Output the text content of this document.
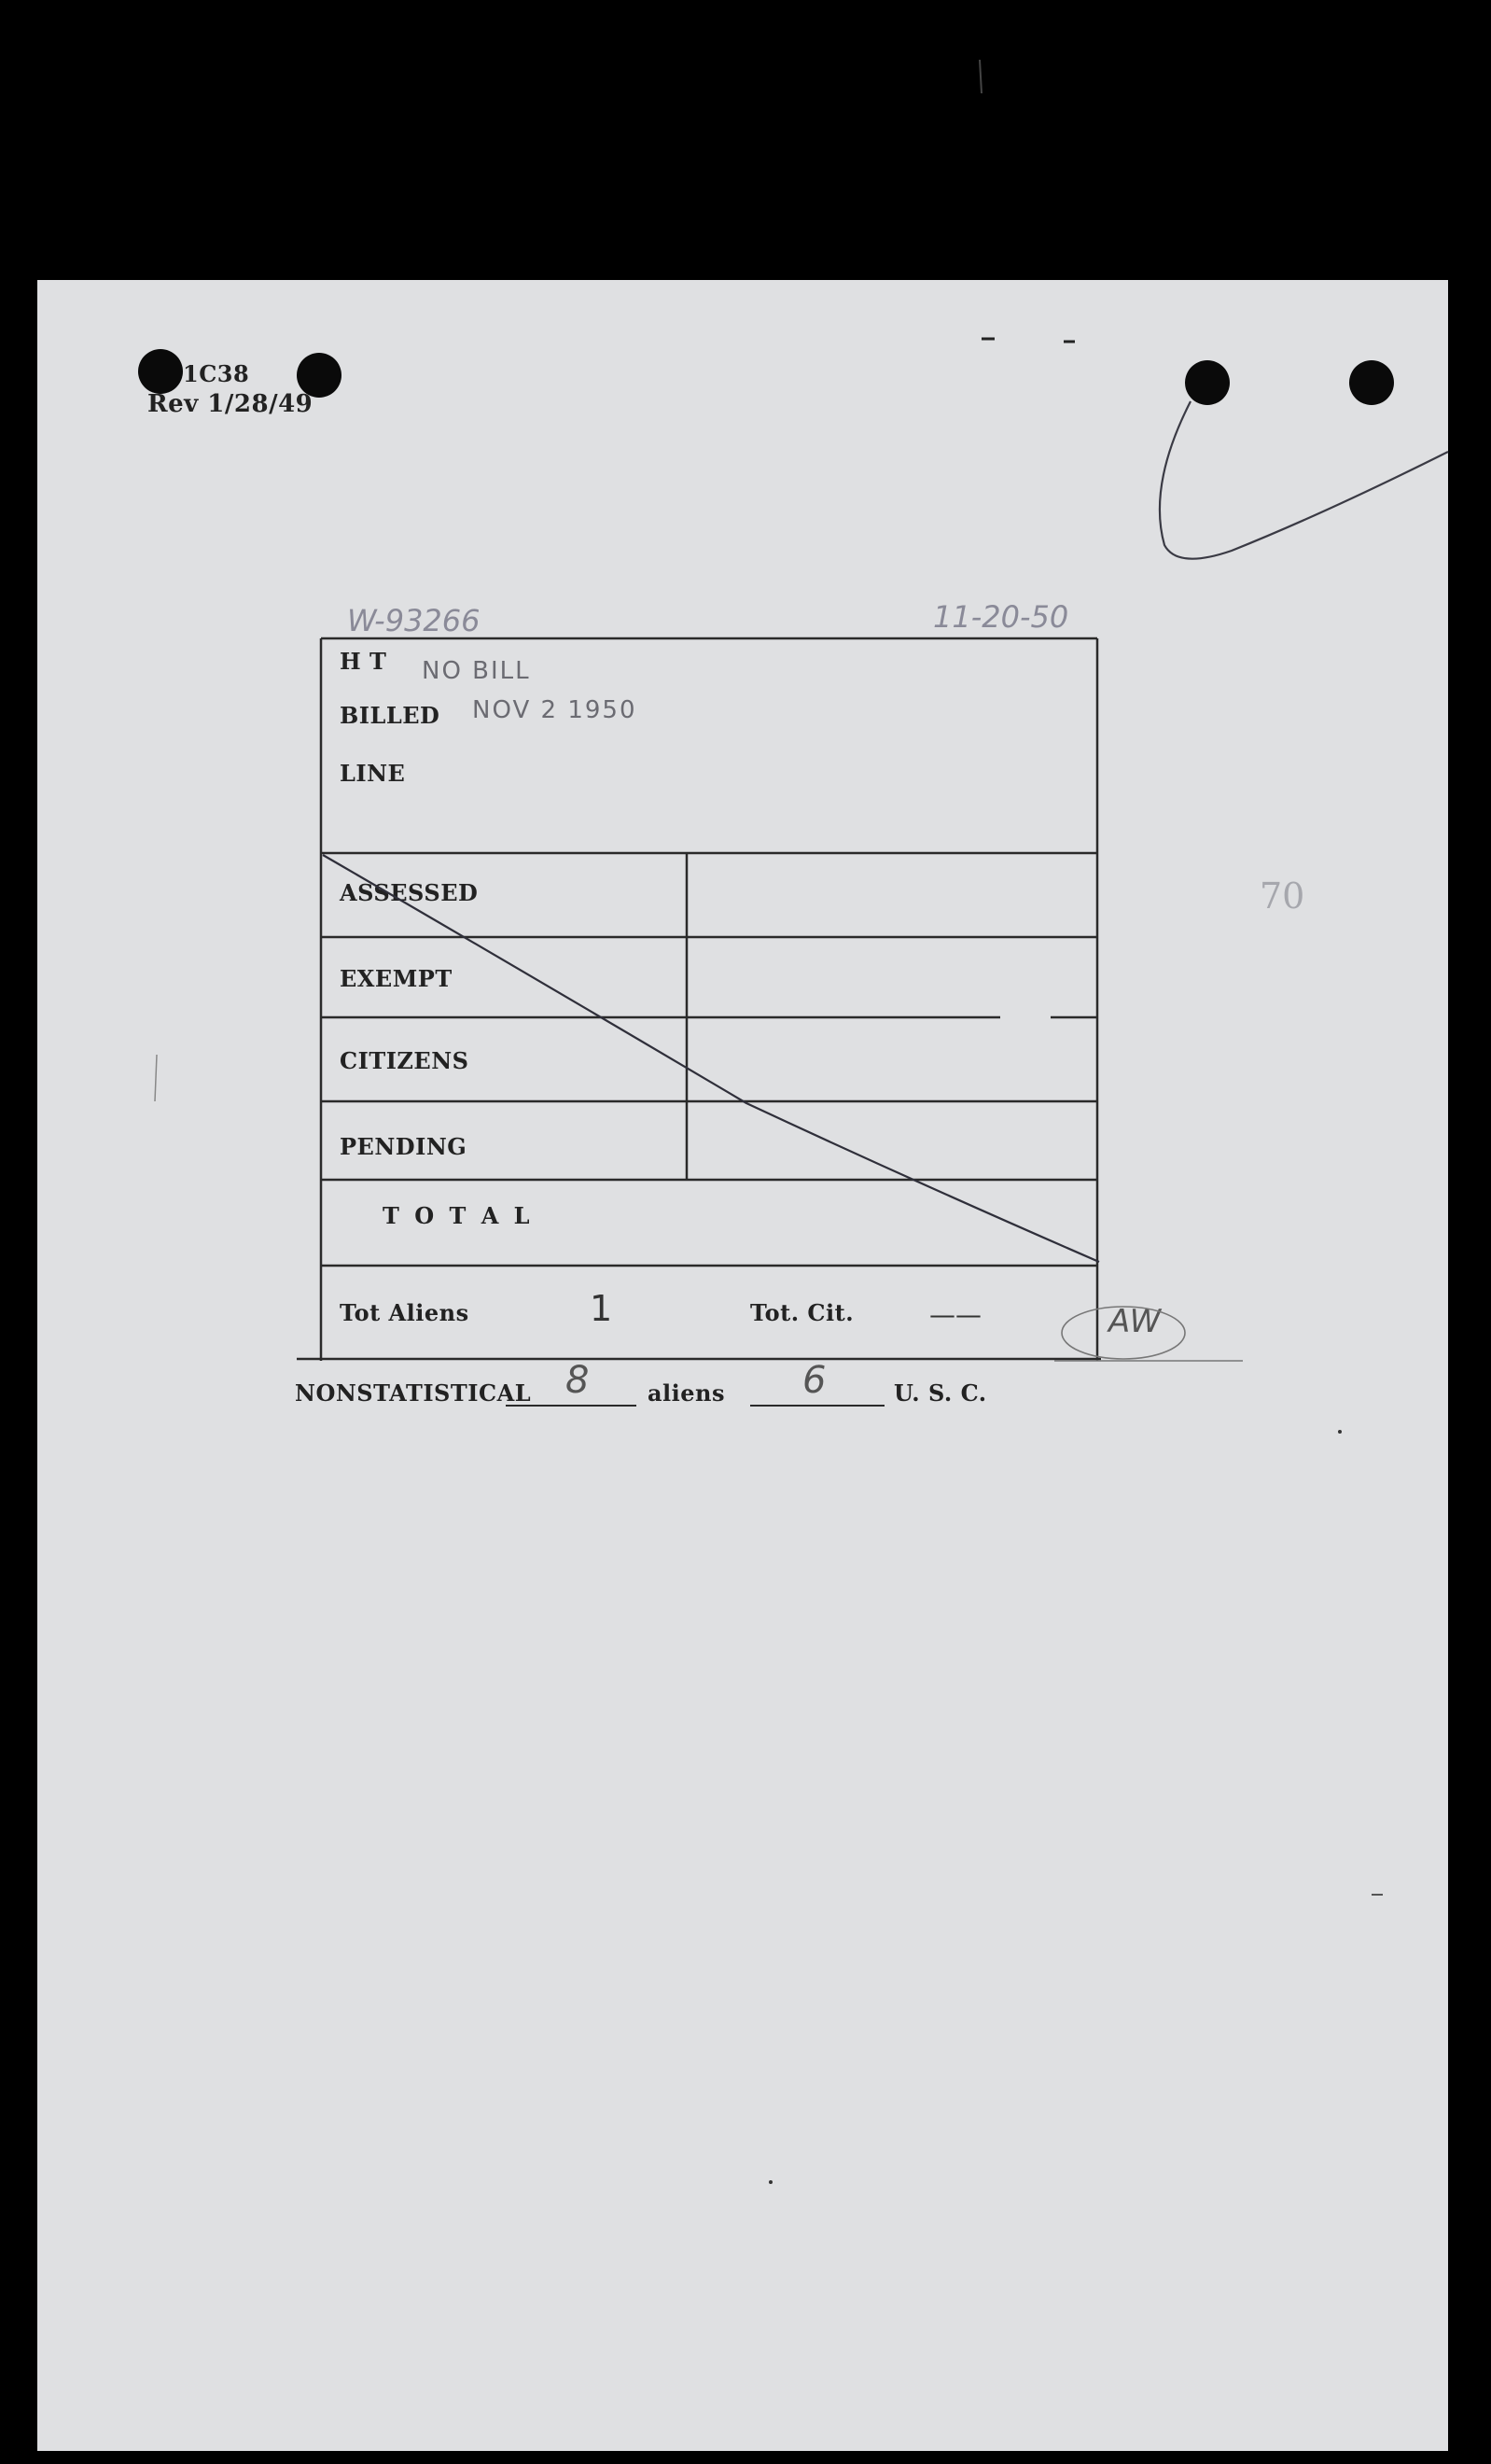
1C38
Rev 1/28/49
W-93266	11-20-50
70
H T NO BILL
BILLED NOV 2 1950
LINE
ASSESSED
EXEMPT
CITIZENS
PENDING
T O T A L
Tot Aliens	1	Tot. Cit.	——	AW
NONSTATISTICAL 8	aliens 6	U. S. C.
